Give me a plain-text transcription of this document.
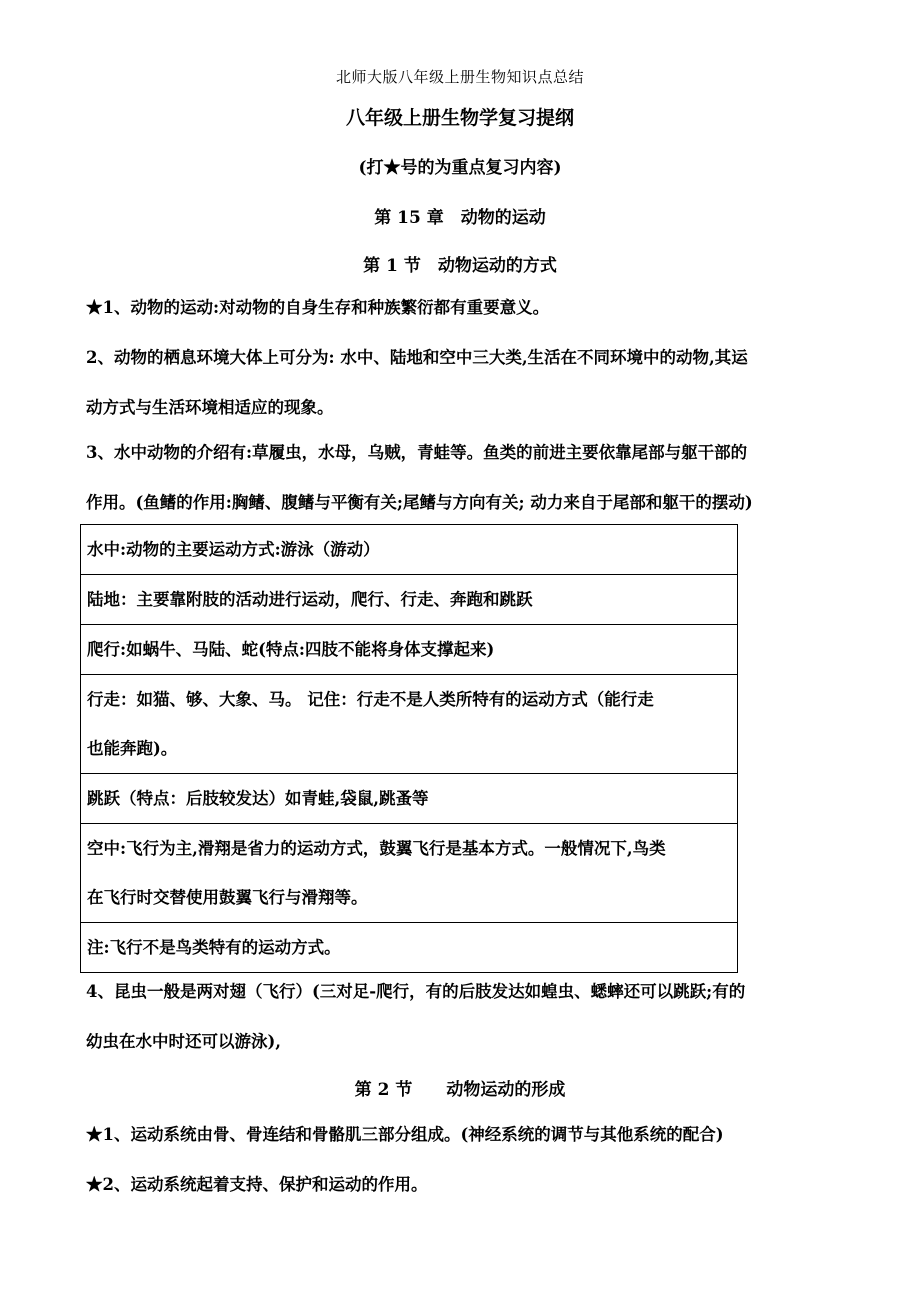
北师大版八年级上册生物知识点总结
八年级上册生物学复习提纲
(打★号的为重点复习内容)
第 15 章　动物的运动
第 1 节　动物运动的方式
★1、动物的运动:对动物的自身生存和种族繁衍都有重要意义。
2、动物的栖息环境大体上可分为: 水中、陆地和空中三大类,生活在不同环境中的动物,其运
动方式与生活环境相适应的现象。
3、水中动物的介绍有:草履虫，水母，乌贼，青蛙等。鱼类的前进主要依靠尾部与躯干部的
作用。(鱼鳍的作用:胸鳍、腹鳍与平衡有关;尾鳍与方向有关; 动力来自于尾部和躯干的摆动)
水中:动物的主要运动方式:游泳（游动）
陆地：主要靠附肢的活动进行运动，爬行、行走、奔跑和跳跃
爬行:如蜗牛、马陆、蛇(特点:四肢不能将身体支撑起来)
行走：如猫、够、大象、马。 记住：行走不是人类所特有的运动方式（能行走
也能奔跑)。
跳跃（特点：后肢较发达）如青蛙,袋鼠,跳蚤等
空中:飞行为主,滑翔是省力的运动方式，鼓翼飞行是基本方式。一般情况下,鸟类
在飞行时交替使用鼓翼飞行与滑翔等。
注:飞行不是鸟类特有的运动方式。
4、昆虫一般是两对翅（飞行）(三对足-爬行，有的后肢发达如蝗虫、蟋蟀还可以跳跃;有的
幼虫在水中时还可以游泳),
第 2 节　　动物运动的形成
★1、运动系统由骨、骨连结和骨骼肌三部分组成。(神经系统的调节与其他系统的配合)
★2、运动系统起着支持、保护和运动的作用。
